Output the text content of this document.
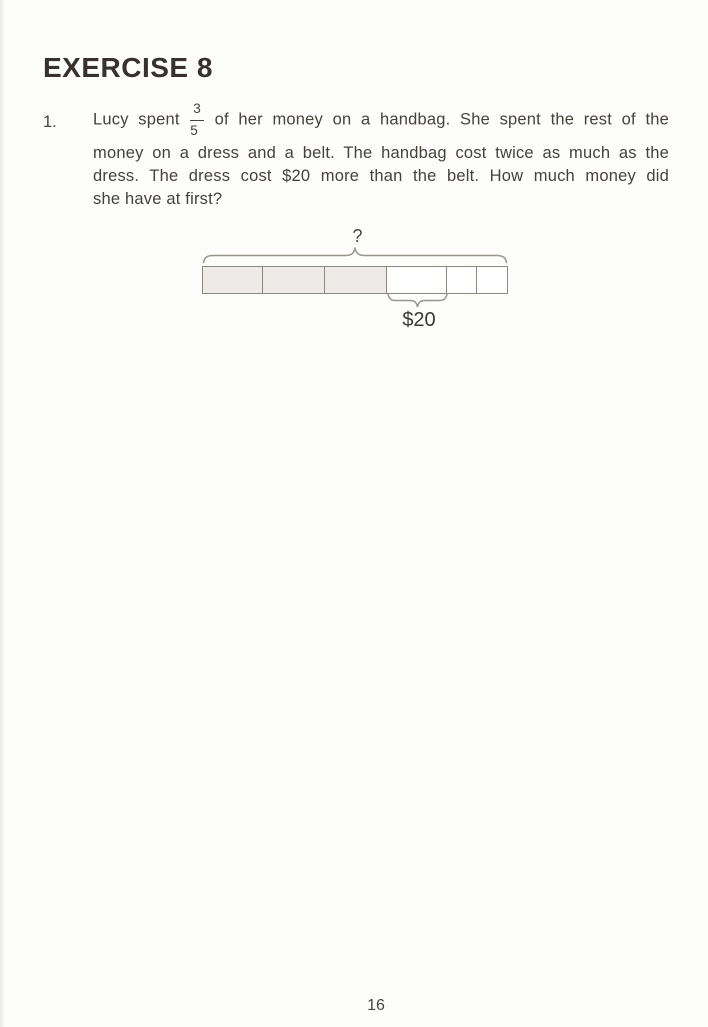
EXERCISE 8
1. Lucy spent $\frac{3}{5}$ of her money on a handbag. She spent the rest of the
money on a dress and a belt. The handbag cost twice as much as the
dress. The dress cost $20 more than the belt. How much money did
she have at first?
?
$20
16
